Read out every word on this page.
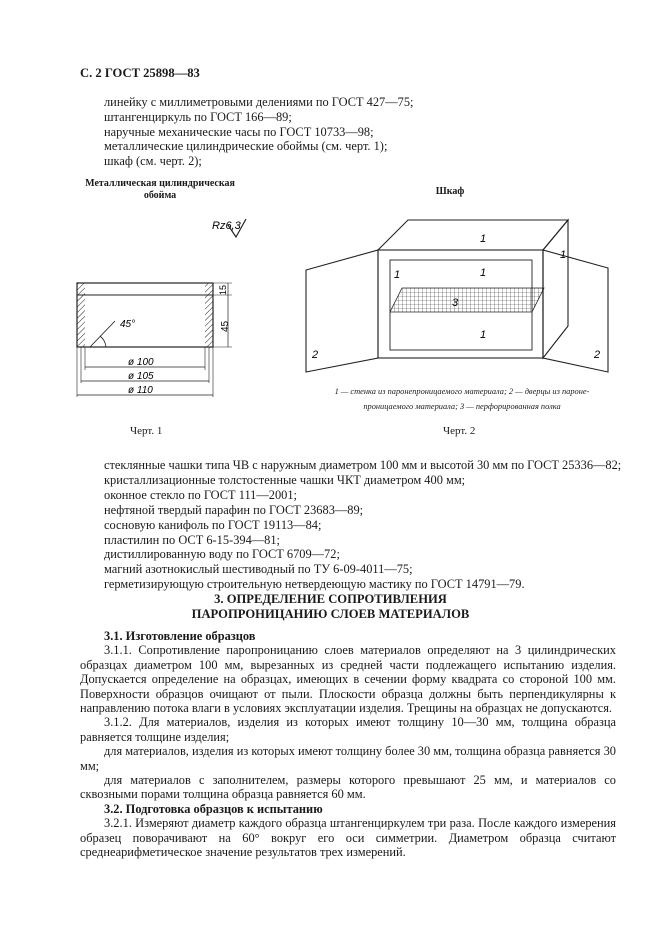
С. 2 ГОСТ 25898—83
линейку с миллиметровыми делениями по ГОСТ 427—75;
штангенциркуль по ГОСТ 166—89;
наручные механические часы по ГОСТ 10733—98;
металлические цилиндрические обоймы (см. черт. 1);
шкаф (см. черт. 2);
Металлическая цилиндрическая
обойма
Rz6,3
45°
15
45
ø 100
ø 105
ø 110
Черт. 1
Шкаф
1
1	1
1
1
2	2
3
1 — стенка из паронепроницаемого материала; 2 — дверцы из пароне-
проницаемого материала; 3 — перфорированная полка
Черт. 2
стеклянные чашки типа ЧВ с наружным диаметром 100 мм и высотой 30 мм по ГОСТ 25336—82;
кристаллизационные толстостенные чашки ЧКТ диаметром 400 мм;
оконное стекло по ГОСТ 111—2001;
нефтяной твердый парафин по ГОСТ 23683—89;
сосновую канифоль по ГОСТ 19113—84;
пластилин по ОСТ 6-15-394—81;
дистиллированную воду по ГОСТ 6709—72;
магний азотнокислый шестиводный по ТУ 6-09-4011—75;
герметизирующую строительную нетвердеющую мастику по ГОСТ 14791—79.
3. ОПРЕДЕЛЕНИЕ СОПРОТИВЛЕНИЯ
ПАРОПРОНИЦАНИЮ СЛОЕВ МАТЕРИАЛОВ
3.1. Изготовление образцов
3.1.1. Сопротивление паропроницанию слоев материалов определяют на 3 цилиндрических образцах диаметром 100 мм, вырезанных из средней части подлежащего испытанию изделия. Допускается определение на образцах, имеющих в сечении форму квадрата со стороной 100 мм. Поверхности образцов очищают от пыли. Плоскости образца должны быть перпендикулярны к направлению потока влаги в условиях эксплуатации изделия. Трещины на образцах не допускаются.
3.1.2. Для материалов, изделия из которых имеют толщину 10—30 мм, толщина образца равняется толщине изделия;
для материалов, изделия из которых имеют толщину более 30 мм, толщина образца равняется 30 мм;
для материалов с заполнителем, размеры которого превышают 25 мм, и материалов со сквозными порами толщина образца равняется 60 мм.
3.2. Подготовка образцов к испытанию
3.2.1. Измеряют диаметр каждого образца штангенциркулем три раза. После каждого измерения образец поворачивают на 60° вокруг его оси симметрии. Диаметром образца считают среднеарифметическое значение результатов трех измерений.
